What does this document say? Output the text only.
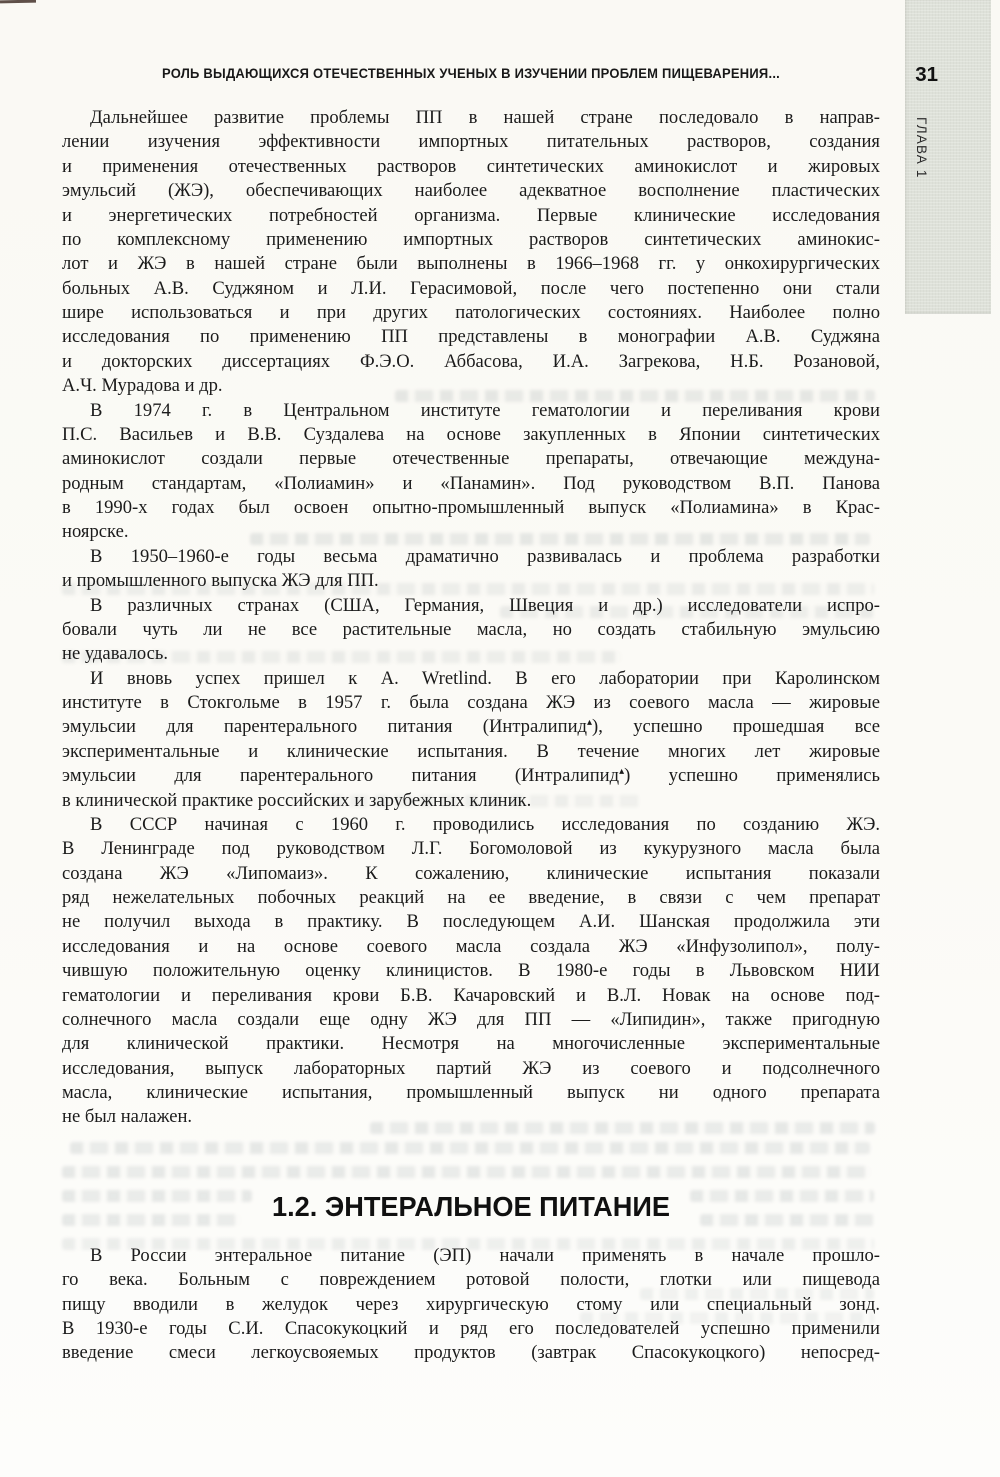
ГЛАВА 1
РОЛЬ ВЫДАЮЩИХСЯ ОТЕЧЕСТВЕННЫХ УЧЕНЫХ В ИЗУЧЕНИИ ПРОБЛЕМ ПИЩЕВАРЕНИЯ...	31
Дальнейшее развитие проблемы ПП в нашей стране последовало в направ-
лении изучения эффективности импортных питательных растворов, создания
и применения отечественных растворов синтетических аминокислот и жировых
эмульсий (ЖЭ), обеспечивающих наиболее адекватное восполнение пластических
и энергетических потребностей организма. Первые клинические исследования
по комплексному применению импортных растворов синтетических аминокис-
лот и ЖЭ в нашей стране были выполнены в 1966–1968 гг. у онкохирургических
больных А.В. Суджяном и Л.И. Герасимовой, после чего постепенно они стали
шире использоваться и при других патологических состояниях. Наиболее полно
исследования по применению ПП представлены в монографии А.В. Суджяна
и докторских диссертациях Ф.Э.О. Аббасова, И.А. Загрекова, Н.Б. Розановой,
А.Ч. Мурадова и др.
В 1974 г. в Центральном институте гематологии и переливания крови
П.С. Васильев и В.В. Суздалева на основе закупленных в Японии синтетических
аминокислот создали первые отечественные препараты, отвечающие междуна-
родным стандартам, «Полиамин» и «Панамин». Под руководством В.П. Панова
в 1990-х годах был освоен опытно-промышленный выпуск «Полиамина» в Крас-
ноярске.
В 1950–1960-е годы весьма драматично развивалась и проблема разработки
и промышленного выпуска ЖЭ для ПП.
В различных странах (США, Германия, Швеция и др.) исследователи испро-
бовали чуть ли не все растительные масла, но создать стабильную эмульсию
не удавалось.
И вновь успех пришел к A. Wretlind. В его лаборатории при Каролинском
институте в Стокгольме в 1957 г. была создана ЖЭ из соевого масла — жировые
эмульсии для парентерального питания (Интралипид▴), успешно прошедшая все
экспериментальные и клинические испытания. В течение многих лет жировые
эмульсии для парентерального питания (Интралипид▴) успешно применялись
в клинической практике российских и зарубежных клиник.
В СССР начиная с 1960 г. проводились исследования по созданию ЖЭ.
В Ленинграде под руководством Л.Г. Богомоловой из кукурузного масла была
создана ЖЭ «Липомаиз». К сожалению, клинические испытания показали
ряд нежелательных побочных реакций на ее введение, в связи с чем препарат
не получил выхода в практику. В последующем А.И. Шанская продолжила эти
исследования и на основе соевого масла создала ЖЭ «Инфузолипол», полу-
чившую положительную оценку клиницистов. В 1980-е годы в Львовском НИИ
гематологии и переливания крови Б.В. Качаровский и В.Л. Новак на основе под-
солнечного масла создали еще одну ЖЭ для ПП — «Липидин», также пригодную
для клинической практики. Несмотря на многочисленные экспериментальные
исследования, выпуск лабораторных партий ЖЭ из соевого и подсолнечного
масла, клинические испытания, промышленный выпуск ни одного препарата
не был налажен.
1.2. ЭНТЕРАЛЬНОЕ ПИТАНИЕ
В России энтеральное питание (ЭП) начали применять в начале прошло-
го века. Больным с повреждением ротовой полости, глотки или пищевода
пищу вводили в желудок через хирургическую стому или специальный зонд.
В 1930-е годы С.И. Спасокукоцкий и ряд его последователей успешно применили
введение смеси легкоусвояемых продуктов (завтрак Спасокукоцкого) непосред-
